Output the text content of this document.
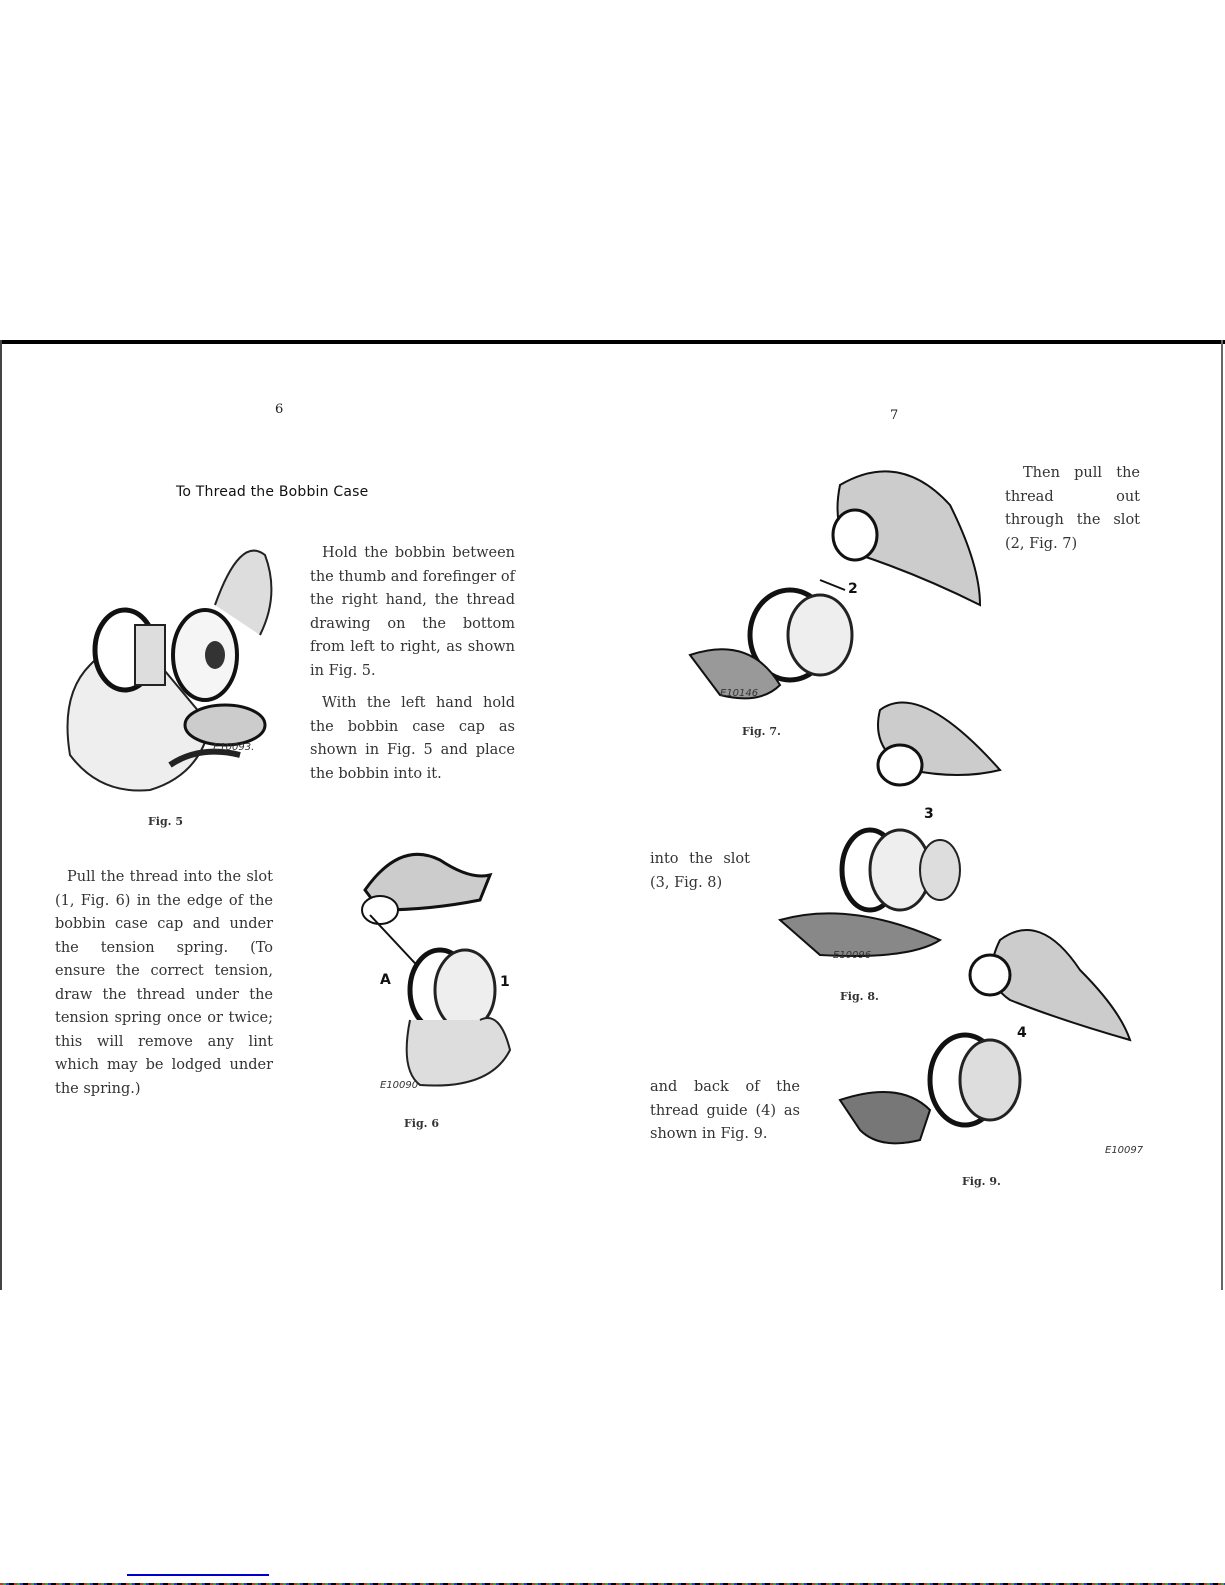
6
To Thread the Bobbin Case
E10093.
Fig. 5

Hold the bobbin between the thumb and forefinger of the right hand, the thread drawing on the bottom from left to right, as shown in Fig. 5.

With the left hand hold the bobbin case cap as shown in Fig. 5 and place the bobbin into it.

Pull the thread into the slot (1, Fig. 6) in the edge of the bobbin case cap and under the tension spring. (To ensure the correct tension, draw the thread under the tension spring once or twice; this will remove any lint which may be lodged under the spring.)

A	1
E10090
Fig. 6
7

Then pull the thread out through the slot (2, Fig. 7)

2
E10146
Fig. 7.

into the slot (3, Fig. 8)

3
E10096
Fig. 8.

and back of the thread guide (4) as shown in Fig. 9.

4
E10097
Fig. 9.
